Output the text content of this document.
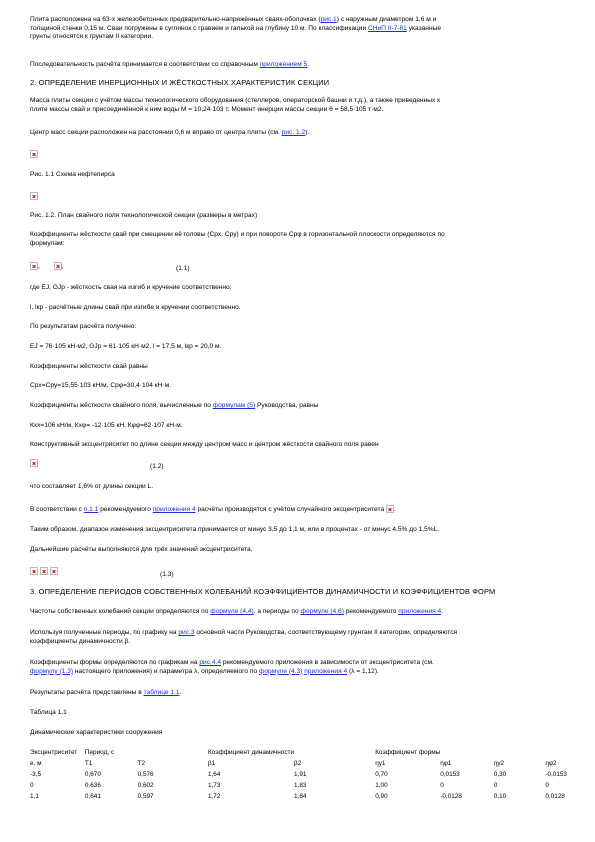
Плита расположена на 63-х железобетонных предварительно-напряжённых сваях-оболочках (рис.1) с наружным диаметром 1,6 м и
толщиной стенки 0,15 м. Сваи погружены в суглинок с гравием и галькой на глубину 10 м. По классификации СНиП II-7-81 указанные
грунты относятся к грунтам II категории.
Последовательность расчёта принимается в соответствии со справочным приложением 5.
2. ОПРЕДЕЛЕНИЕ ИНЕРЦИОННЫХ И ЖЁСТКОСТНЫХ ХАРАКТЕРИСТИК СЕКЦИИ
Масса плиты секции с учётом массы технологического оборудования (стеллеров, операторской башни и т.д.), а также приведенных к
плите массы свай и присоединённой к ним воды M = 10,24·103 т. Момент инерции массы секции θ = 58,5·105 т·м2.
Центр масс секции расположен на расстоянии 0,6 м вправо от центра плиты (см. рис. 1.2).
Рис. 1.1 Схема нефтепирса
Рис. 1.2. План свайного поля технологической секции (размеры в метрах)
Коэффициенты жёсткости свай при смещении её головы (Сpx, Сpy) и при повороте Сpφ в горизонтальной плоскости определяются по
формулам:
,	,	(1.1)
где EJ, GJp - жёсткость свая на изгиб и кручение соответственно;
l, lкр - расчётные длины свай при изгибе и кручении соответственно.
По результатам расчёта получено:
EJ = 76·105 кН·м2, GJp = 61·105 кН·м2, l = 17,5 м, lкр = 20,0 м.
Коэффициенты жёсткости свай равны
Сpx=Сpy=15,55·103 кН/м, Сpφ=30,4·104 кН·м.
Коэффициенты жёсткости свайного поля, вычисленные по формулам (5) Руководства, равны
Кхх=106 кН/м, Кхφ= -12·105 кН, Кφφ=62·107 кН·м.
Конструктивный эксцентриситет по длине секции между центром масс и центром жёсткости свайного поля равен
(1.2)
что составляет 1,6% от длины секции L.
В соответствии с п.1.1 рекомендуемого приложения 4 расчёты производятся с учётом случайного эксцентриситета .
Таким образом, диапазон изменения эксцентриситета принимается от минус 3,5 до 1,1 м, или в процентах - от минус 4,5% до 1,5%L.
Дальнейшие расчёты выполняются для трёх значений эксцентриситета.

(1.3)
3. ОПРЕДЕЛЕНИЕ ПЕРИОДОВ СОБСТВЕННЫХ КОЛЕБАНИЙ КОЭФФИЦИЕНТОВ ДИНАМИЧНОСТИ И КОЭФФИЦИЕНТОВ ФОРМ
Частоты собственных колебаний секции определяются по формуле (4.4), а периоды по формуле (4.6) рекомендуемого приложения 4.
Используя полученные периоды, по графику на рис.3 основной части Руководства, соответствующему грунтам II категории, определяются
коэффициенты динамичности β.
Коэффициенты формы определяются по графикам на рис.4.4 рекомендуемого приложения в зависимости от эксцентриситета (см.
формулу (1.3) настоящего приложения) и параметра λ, определяемого по формуле (4.3) приложения 4 (λ = 1,12).
Результаты расчёта представлены в таблице 1.1.
Таблица 1.1
Динамические характеристики сооружения
Эксцентриситет	Период, с		Коэффициент динамичности		Коэффициент формы			
e, м	T1	T2	β1	β2	ηy1	ηφ1	ηy2	ηφ2
-3,5	0,670	0,576	1,64	1,91	0,70	0,0153	0,30	-0,0153
0	0,636	0,602	1,73	1,83	1,00	0	0	0
1,1	0,641	0,597	1,72	1,84	0,90	-0,0128	0,10	0,0128
